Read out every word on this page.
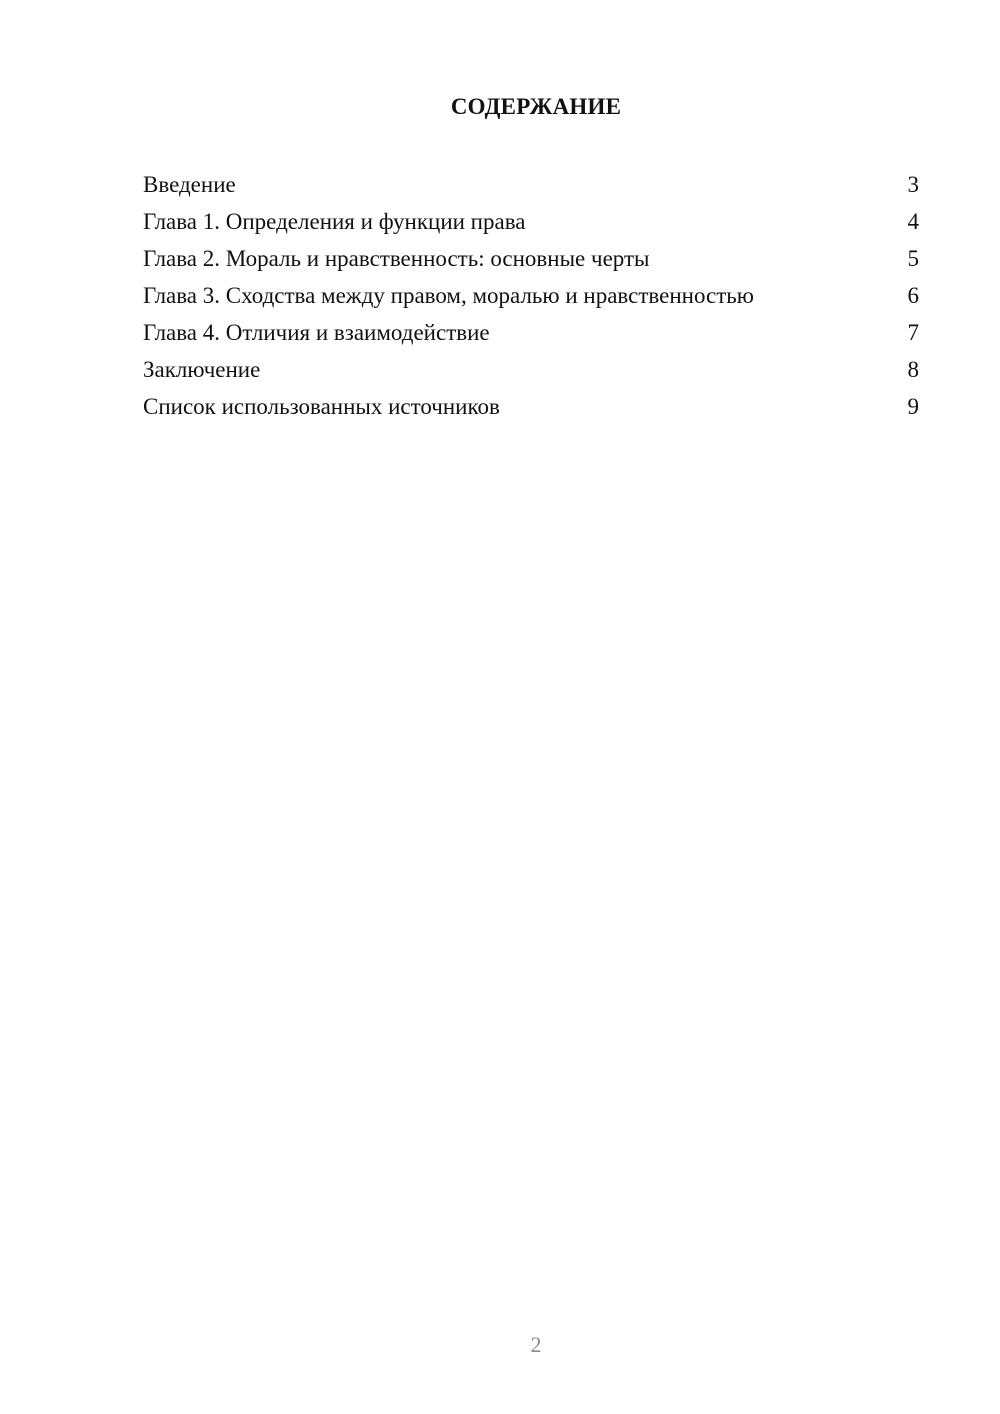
СОДЕРЖАНИЕ
Введение	3
Глава 1. Определения и функции права	4
Глава 2. Мораль и нравственность: основные черты	5
Глава 3. Сходства между правом, моралью и нравственностью	6
Глава 4. Отличия и взаимодействие	7
Заключение	8
Список использованных источников	9
2
